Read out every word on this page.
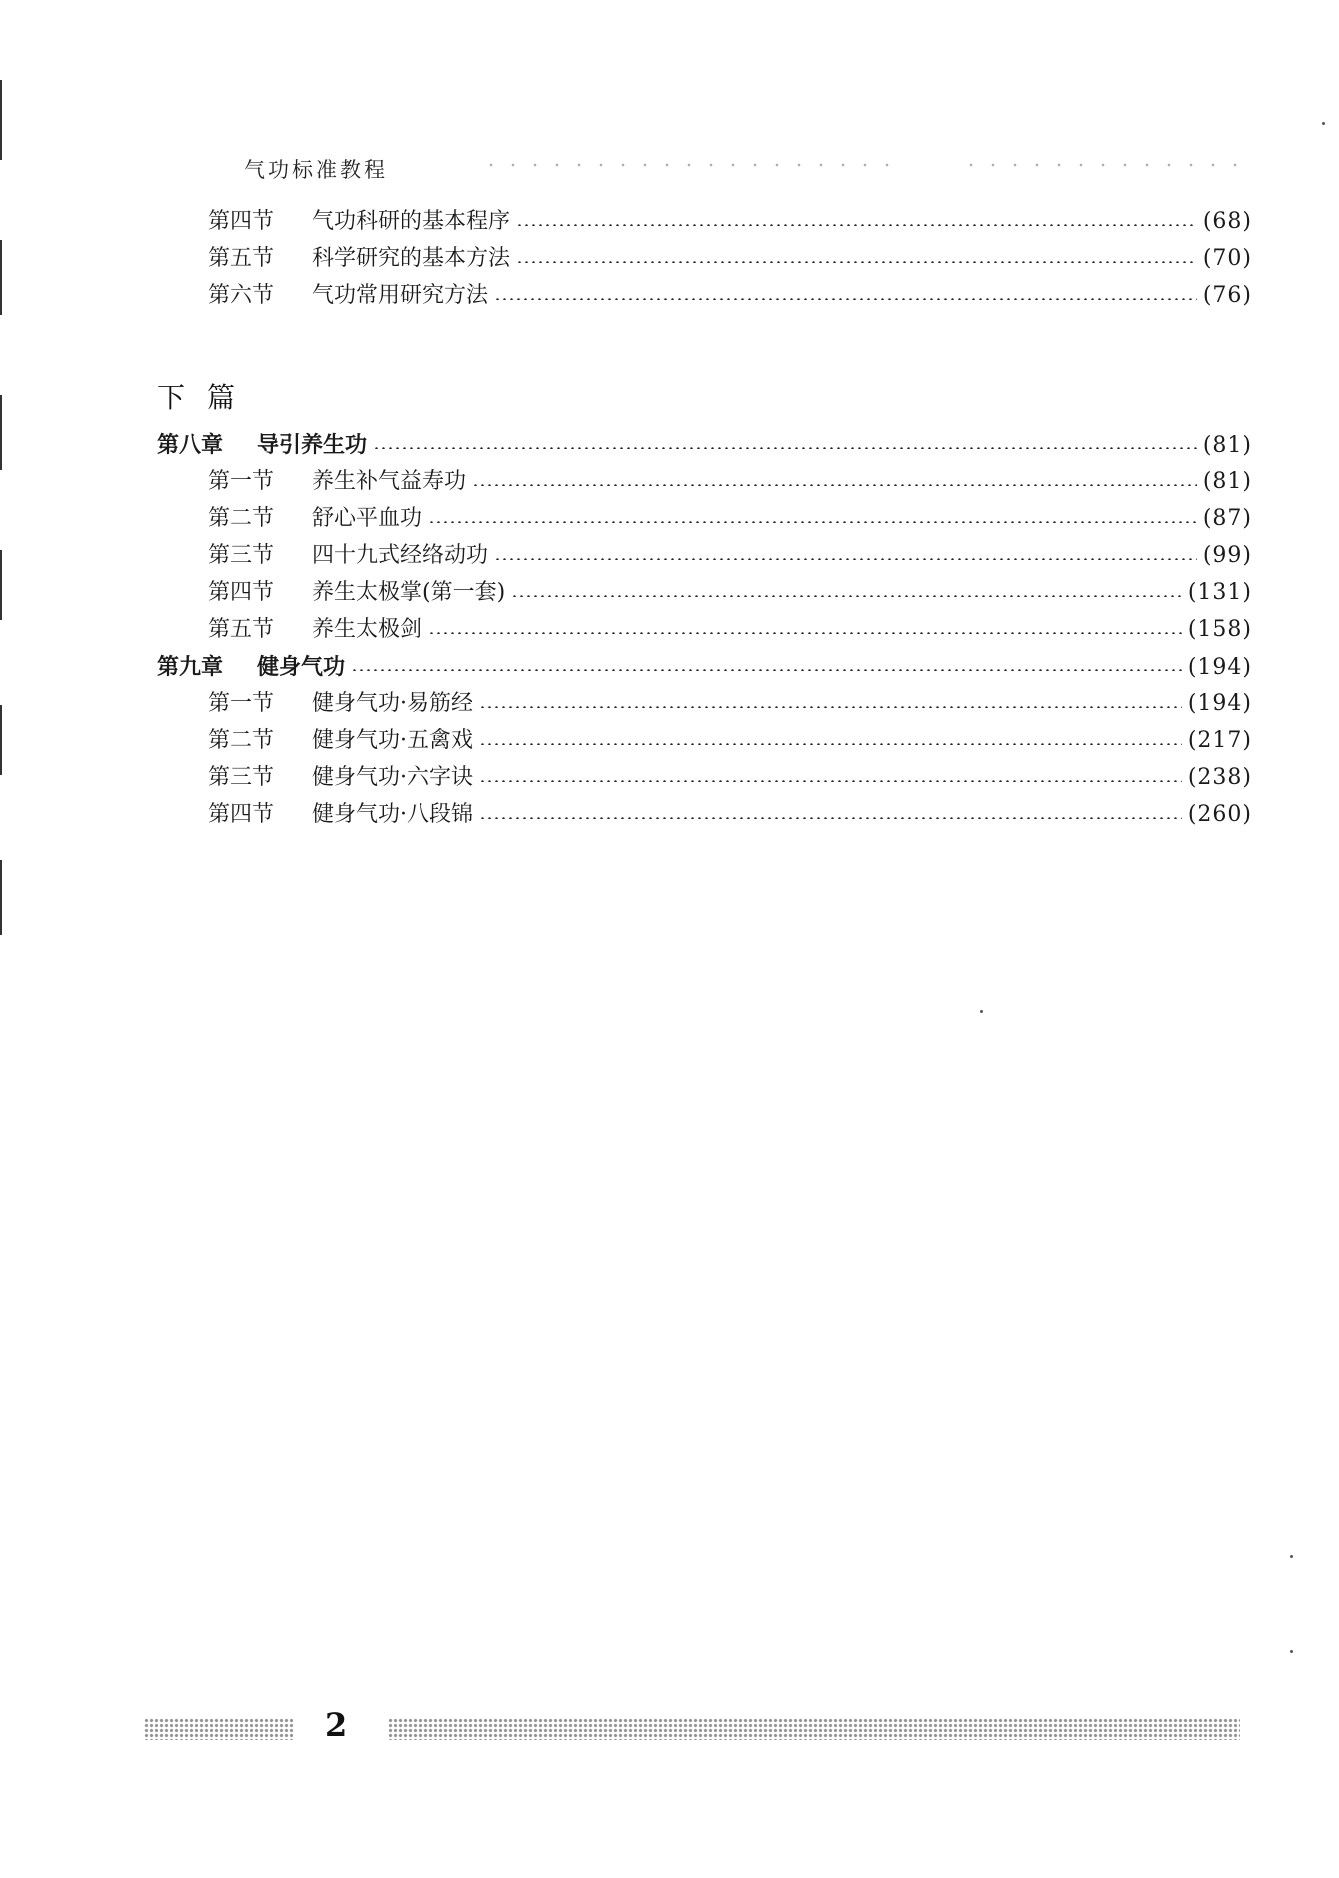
气功标准教程
第四节	气功科研的基本程序	(68)
第五节	科学研究的基本方法	(70)
第六节	气功常用研究方法	(76)
下篇
第八章	导引养生功	(81)
第一节	养生补气益寿功	(81)
第二节	舒心平血功	(87)
第三节	四十九式经络动功	(99)
第四节	养生太极掌(第一套)	(131)
第五节	养生太极剑	(158)
第九章	健身气功	(194)
第一节	健身气功·易筋经	(194)
第二节	健身气功·五禽戏	(217)
第三节	健身气功·六字诀	(238)
第四节	健身气功·八段锦	(260)
2
